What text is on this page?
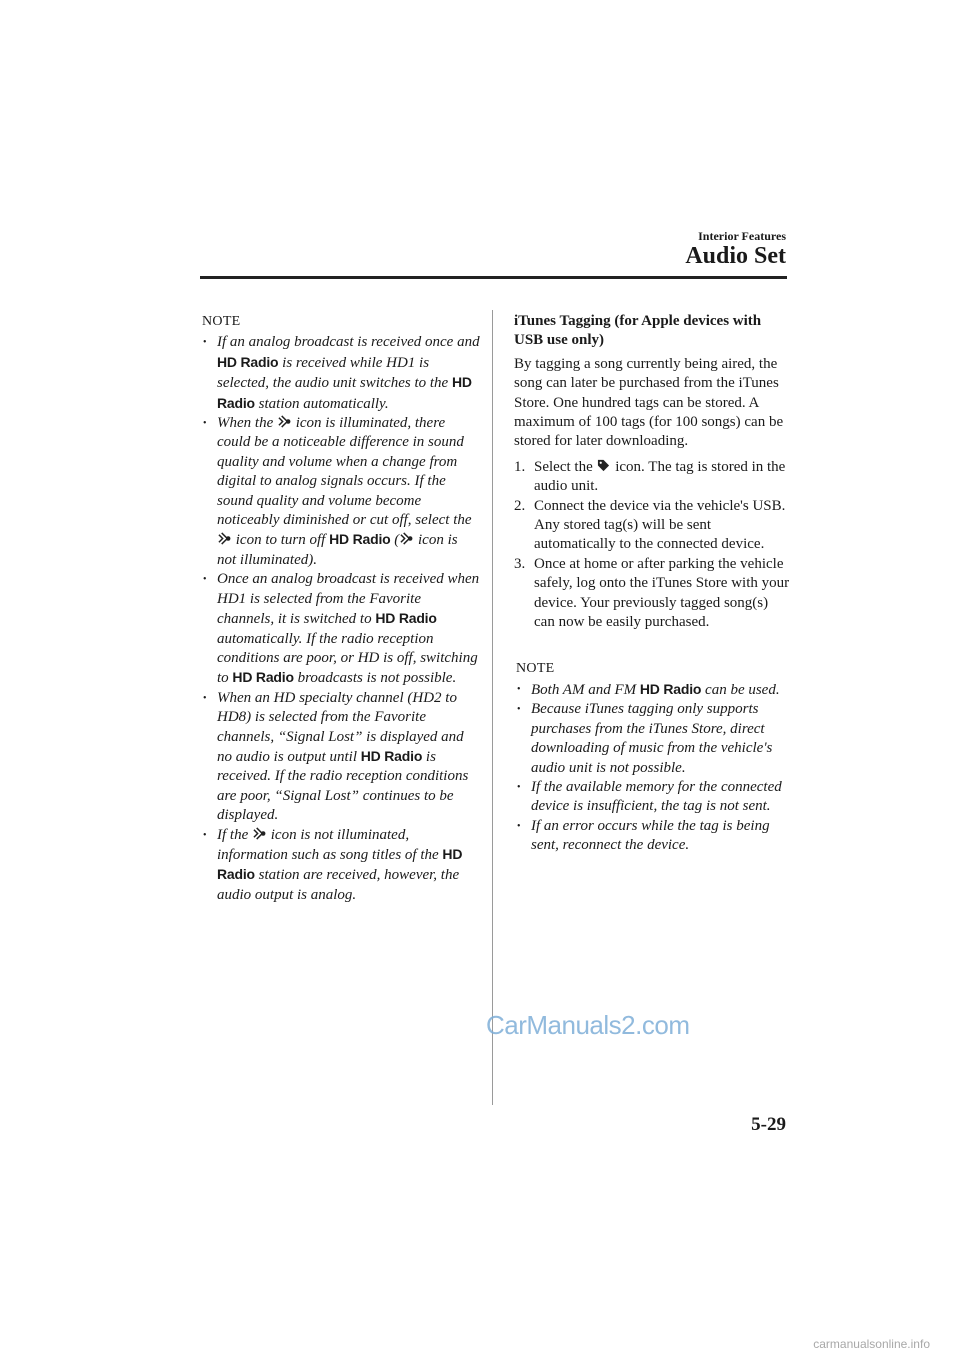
Interior Features
Audio Set
NOTE
• If an analog broadcast is received once and HD Radio is received while HD1 is selected, the audio unit switches to the HD Radio station automatically.
• When the  icon is illuminated, there could be a noticeable difference in sound quality and volume when a change from digital to analog signals occurs. If the sound quality and volume become noticeably diminished or cut off, select the  icon to turn off HD Radio ( icon is not illuminated).
• Once an analog broadcast is received when HD1 is selected from the Favorite channels, it is switched to HD Radio automatically. If the radio reception conditions are poor, or HD is off, switching to HD Radio broadcasts is not possible.
• When an HD specialty channel (HD2 to HD8) is selected from the Favorite channels, “Signal Lost” is displayed and no audio is output until HD Radio is received. If the radio reception conditions are poor, “Signal Lost” continues to be displayed.
• If the  icon is not illuminated, information such as song titles of the HD Radio station are received, however, the audio output is analog.

iTunes Tagging (for Apple devices with USB use only)

By tagging a song currently being aired, the song can later be purchased from the iTunes Store. One hundred tags can be stored. A maximum of 100 tags (for 100 songs) can be stored for later downloading.

1. Select the  icon. The tag is stored in the audio unit.
2. Connect the device via the vehicle's USB. Any stored tag(s) will be sent automatically to the connected device.
3. Once at home or after parking the vehicle safely, log onto the iTunes Store with your device. Your previously tagged song(s) can now be easily purchased.
NOTE
• Both AM and FM HD Radio can be used.
• Because iTunes tagging only supports purchases from the iTunes Store, direct downloading of music from the vehicle's audio unit is not possible.
• If the available memory for the connected device is insufficient, the tag is not sent.
• If an error occurs while the tag is being sent, reconnect the device.
CarManuals2.com
5-29
carmanualsonline.info
